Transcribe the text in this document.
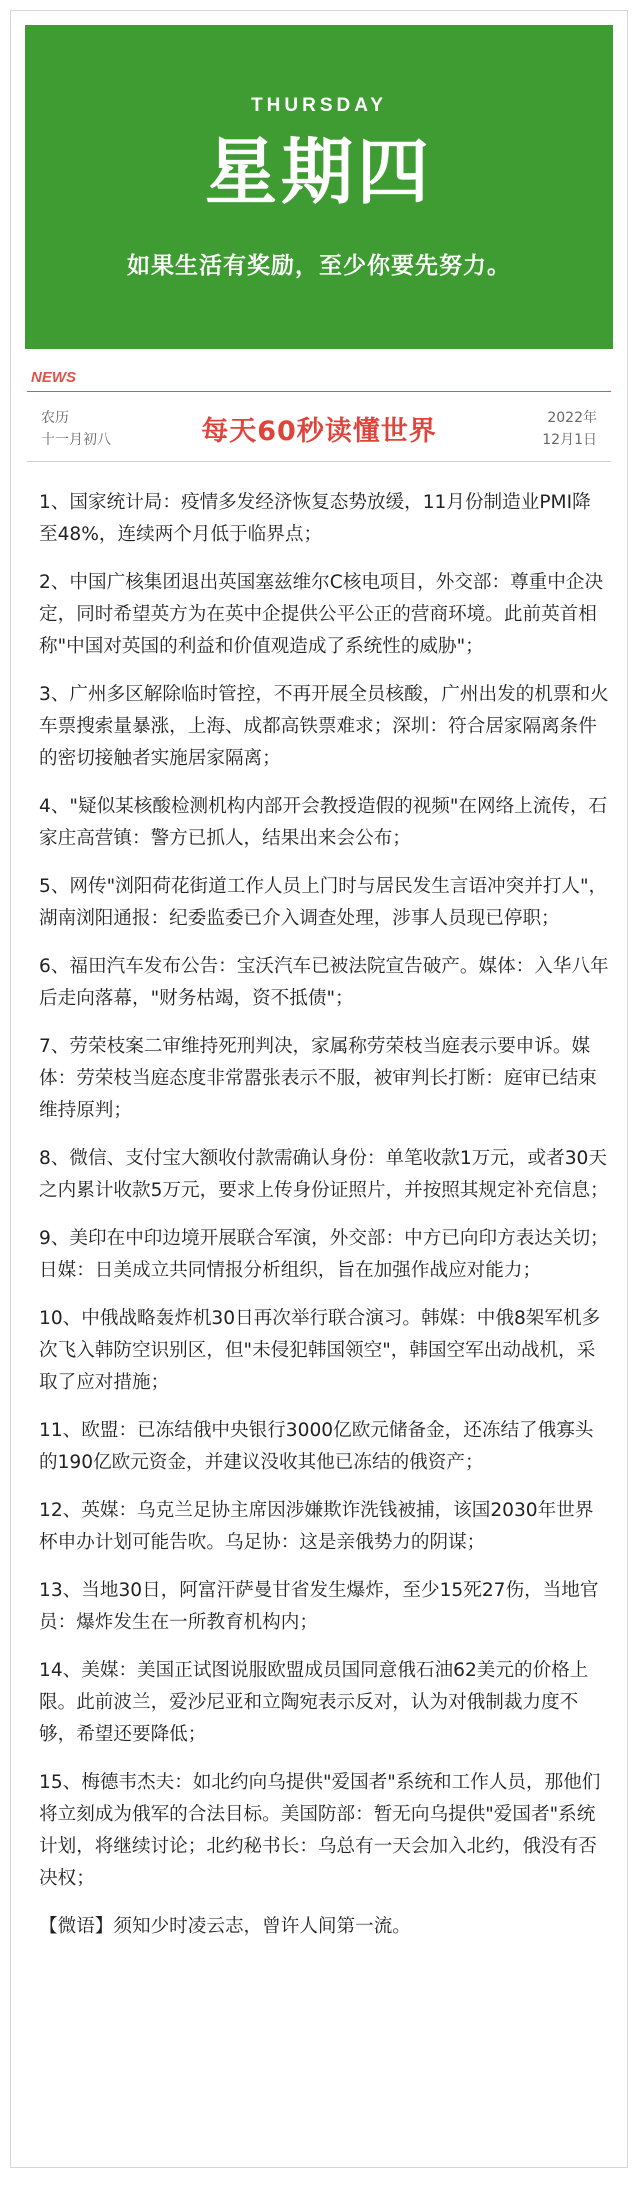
THURSDAY
星期四
如果生活有奖励，至少你要先努力。
NEWS
农历
十一月初八	每天60秒读懂世界	2022年
12月1日

1、国家统计局：疫情多发经济恢复态势放缓，11月份制造业PMI降至48%，连续两个月低于临界点；

2、中国广核集团退出英国塞兹维尔C核电项目，外交部：尊重中企决定，同时希望英方为在英中企提供公平公正的营商环境。此前英首相称"中国对英国的利益和价值观造成了系统性的威胁"；

3、广州多区解除临时管控，不再开展全员核酸，广州出发的机票和火车票搜索量暴涨，上海、成都高铁票难求；深圳：符合居家隔离条件的密切接触者实施居家隔离；

4、"疑似某核酸检测机构内部开会教授造假的视频"在网络上流传，石家庄高营镇：警方已抓人，结果出来会公布；

5、网传"浏阳荷花街道工作人员上门时与居民发生言语冲突并打人"，湖南浏阳通报：纪委监委已介入调查处理，涉事人员现已停职；

6、福田汽车发布公告：宝沃汽车已被法院宣告破产。媒体：入华八年后走向落幕，"财务枯竭，资不抵债"；

7、劳荣枝案二审维持死刑判决，家属称劳荣枝当庭表示要申诉。媒体：劳荣枝当庭态度非常嚣张表示不服，被审判长打断：庭审已结束维持原判；

8、微信、支付宝大额收付款需确认身份：单笔收款1万元，或者30天之内累计收款5万元，要求上传身份证照片，并按照其规定补充信息；

9、美印在中印边境开展联合军演，外交部：中方已向印方表达关切；日媒：日美成立共同情报分析组织，旨在加强作战应对能力；

10、中俄战略轰炸机30日再次举行联合演习。韩媒：中俄8架军机多次飞入韩防空识别区，但"未侵犯韩国领空"，韩国空军出动战机，采取了应对措施；

11、欧盟：已冻结俄中央银行3000亿欧元储备金，还冻结了俄寡头的190亿欧元资金，并建议没收其他已冻结的俄资产；

12、英媒：乌克兰足协主席因涉嫌欺诈洗钱被捕，该国2030年世界杯申办计划可能告吹。乌足协：这是亲俄势力的阴谋；

13、当地30日，阿富汗萨曼甘省发生爆炸，至少15死27伤，当地官员：爆炸发生在一所教育机构内；

14、美媒：美国正试图说服欧盟成员国同意俄石油62美元的价格上限。此前波兰，爱沙尼亚和立陶宛表示反对，认为对俄制裁力度不够，希望还要降低；

15、梅德韦杰夫：如北约向乌提供"爱国者"系统和工作人员，那他们将立刻成为俄军的合法目标。美国防部：暂无向乌提供"爱国者"系统计划，将继续讨论；北约秘书长：乌总有一天会加入北约，俄没有否决权；

【微语】须知少时凌云志，曾许人间第一流。
